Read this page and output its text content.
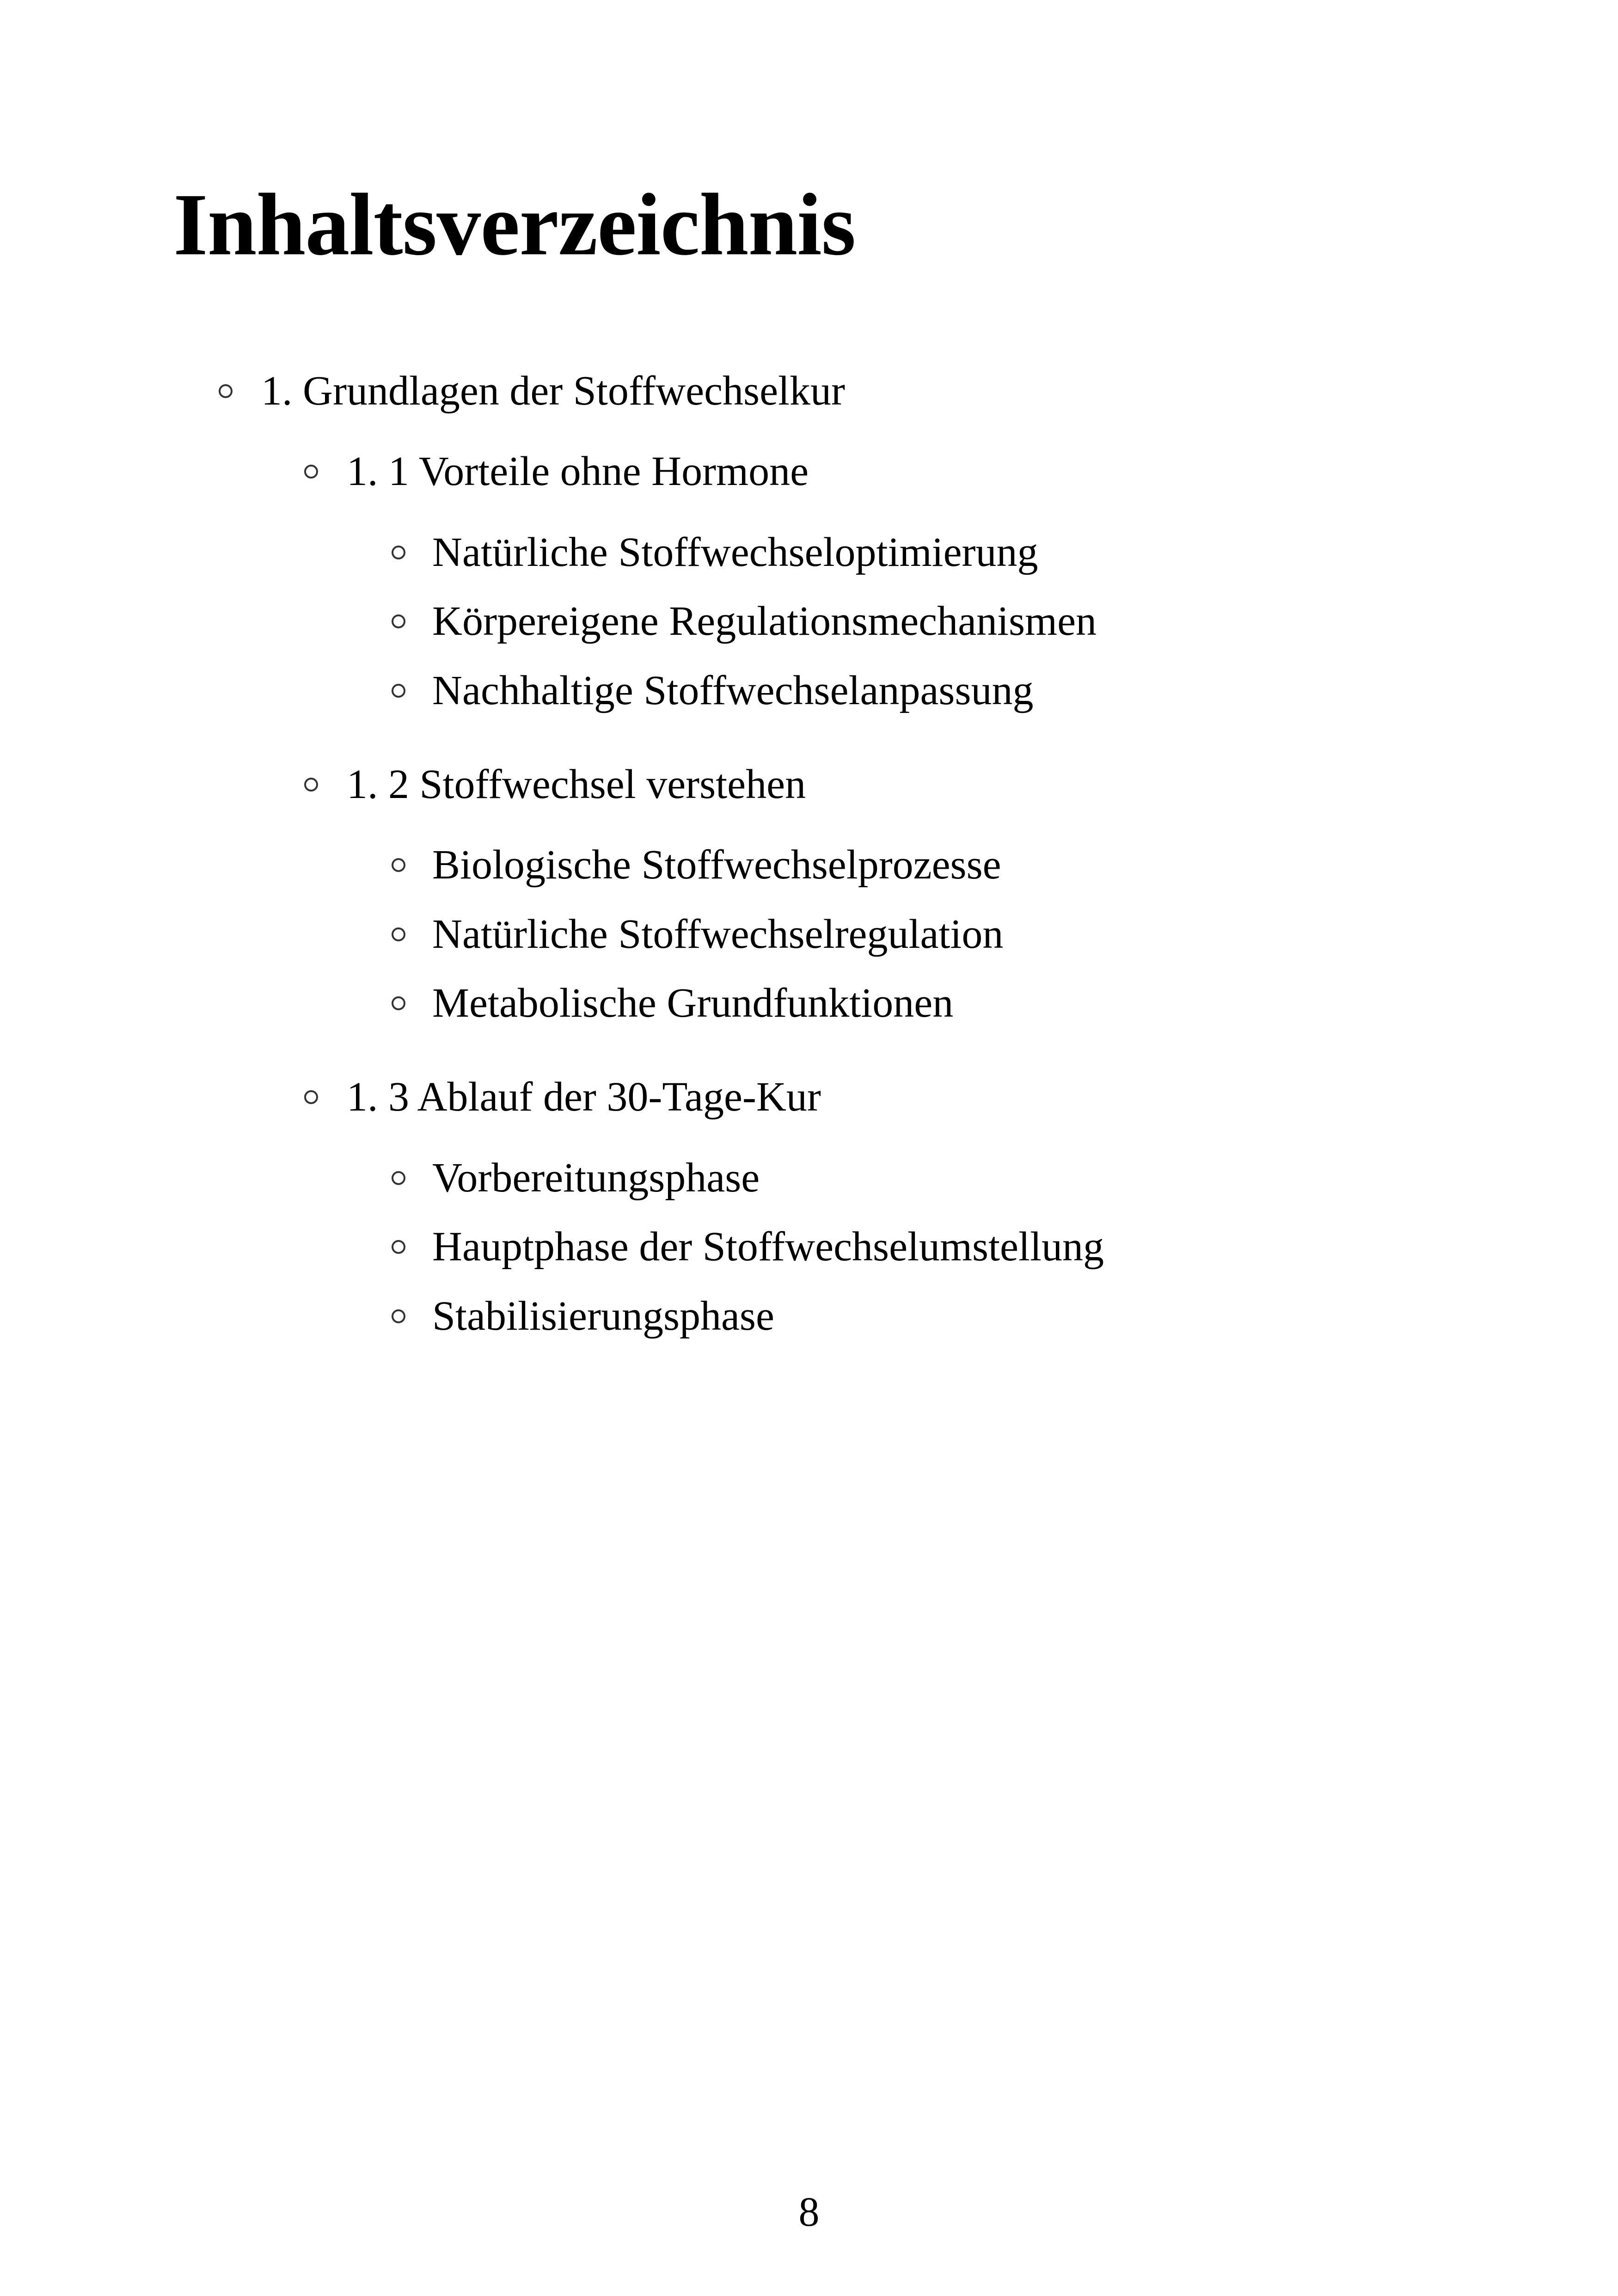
Inhaltsverzeichnis
1. Grundlagen der Stoffwechselkur
1. 1 Vorteile ohne Hormone
Natürliche Stoffwechseloptimierung
Körpereigene Regulationsmechanismen
Nachhaltige Stoffwechselanpassung
1. 2 Stoffwechsel verstehen
Biologische Stoffwechselprozesse
Natürliche Stoffwechselregulation
Metabolische Grundfunktionen
1. 3 Ablauf der 30-Tage-Kur
Vorbereitungsphase
Hauptphase der Stoffwechselumstellung
Stabilisierungsphase
8
